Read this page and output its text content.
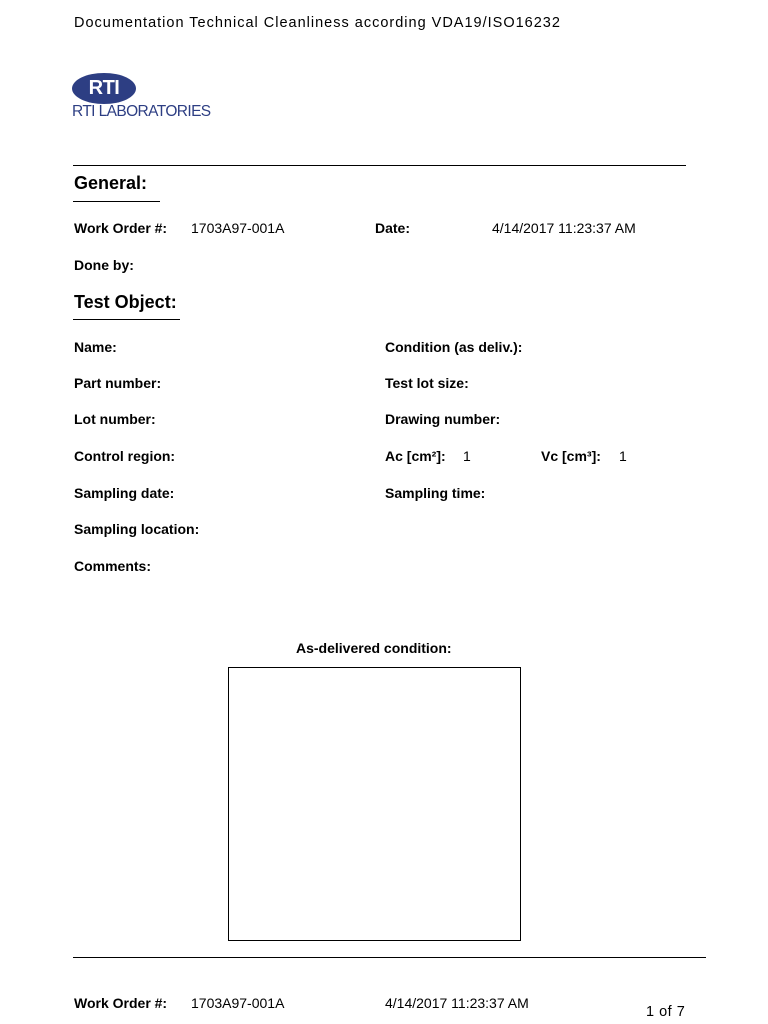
Documentation Technical Cleanliness according VDA19/ISO16232
RTI
RTI LABORATORIES
General:
Work Order #: 1703A97-001A	Date:	4/14/2017 11:23:37 AM
Done by:
Test Object:
Name:	Condition (as deliv.):
Part number:	Test lot size:
Lot number:	Drawing number:
Control region:	Ac [cm²]: 1	Vc [cm³]: 1
Sampling date:	Sampling time:
Sampling location:
Comments:
As-delivered condition:
Work Order #: 1703A97-001A	4/14/2017 11:23:37 AM
1 of 7
